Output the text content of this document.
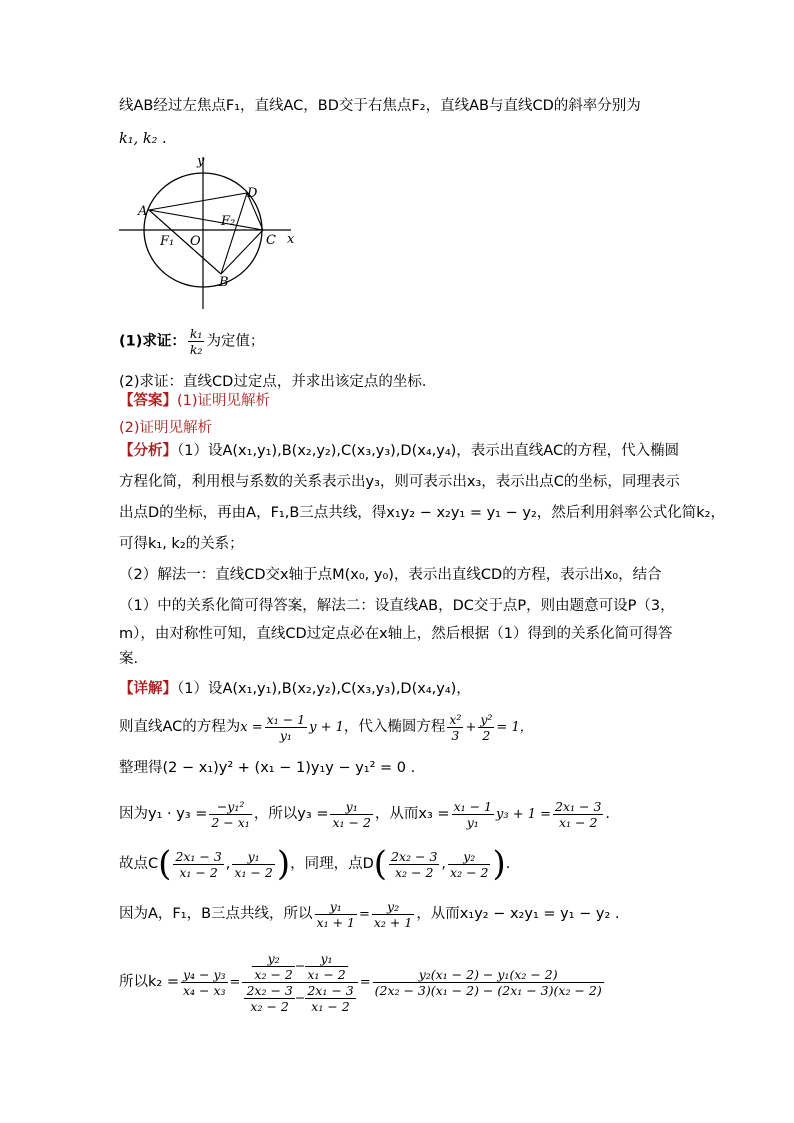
线AB经过左焦点F₁，直线AC，BD交于右焦点F₂，直线AB与直线CD的斜率分别为
k₁, k₂ .
y
x
A
D
C
B
O
F₁
F₂
(1)求证： $\frac{\text{k₁}}{\text{k₂}}$ 为定值；
(2)求证：直线CD过定点，并求出该定点的坐标．
【答案】(1)证明见解析
(2)证明见解析
【分析】（1）设A(x₁,y₁),B(x₂,y₂),C(x₃,y₃),D(x₄,y₄)，表示出直线AC的方程，代入椭圆
方程化简，利用根与系数的关系表示出y₃，则可表示出x₃，表示出点C的坐标，同理表示
出点D的坐标，再由A，F₁,B三点共线，得x₁y₂ − x₂y₁ = y₁ − y₂，然后利用斜率公式化简k₂，
可得k₁, k₂的关系；
（2）解法一：直线CD交x轴于点M(x₀, y₀)，表示出直线CD的方程，表示出x₀，结合
（1）中的关系化简可得答案，解法二：设直线AB，DC交于点P，则由题意可设P（3，
m），由对称性可知，直线CD过定点必在x轴上，然后根据（1）得到的关系化简可得答
案.
【详解】（1）设A(x₁,y₁),B(x₂,y₂),C(x₃,y₃),D(x₄,y₄)，
则直线AC的方程为$x = \frac{\text{x₁ − 1}}{\text{y₁}}$ y + 1，代入椭圆方程 $\frac{\text{x²}}{3} + \frac{\text{y²}}{2} = 1$，
整理得(2 − x₁)y² + (x₁ − 1)y₁y − y₁² = 0 .
因为$y_1 \cdot y_3 = \frac{\text{−y₁²}}{\text{2 − x₁}}$ ，所以$y_3 = \frac{\text{y₁}}{\text{x₁ − 2}}$ ，从而$x_3 = \frac{\text{x₁ − 1}}{\text{y₁}} y_3 + 1 = \frac{\text{2x₁ − 3}}{\text{x₁ − 2}}$ .
故点$C( \frac{\text{2x₁ − 3}}{\text{x₁ − 2}}$ , $\frac{\text{y₁}}{\text{x₁ − 2}}$ )，同理，点$D( \frac{\text{2x₂ − 3}}{\text{x₂ − 2}}$ , $\frac{\text{y₂}}{\text{x₂ − 2}}$ ).
因为A，F₁，B三点共线，所以 $\frac{\text{y₁}}{\text{x₁ + 1}} = \frac{\text{y₂}}{\text{x₂ + 1}}$ ，从而x₁y₂ − x₂y₁ = y₁ − y₂ .
所以$k_2 = \frac{\text{y₄ − y₃}}{\text{x₄ − x₃}} = \frac{\frac{\text{y₂}}{\text{x₂ − 2}} - \frac{\text{y₁}}{\text{x₁ − 2}}}{\frac{\text{2x₂ − 3}}{\text{x₂ − 2}} - \frac{\text{2x₁ − 3}}{\text{x₁ − 2}}} = \frac{\text{y₂(x₁ − 2) − y₁(x₂ − 2)}}{\text{(2x₂ − 3)(x₁ − 2) − (2x₁ − 3)(x₂ − 2)}}$
